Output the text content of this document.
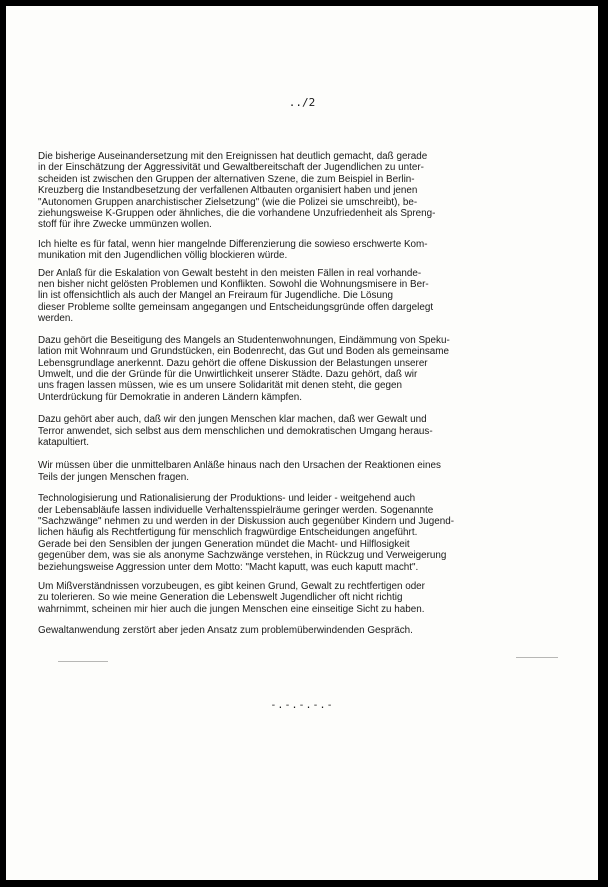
../2

Die bisherige Auseinandersetzung mit den Ereignissen hat deutlich gemacht, daß gerade
in der Einschätzung der Aggressivität und Gewaltbereitschaft der Jugendlichen zu unter-
scheiden ist zwischen den Gruppen der alternativen Szene, die zum Beispiel in Berlin-
Kreuzberg die Instandbesetzung der verfallenen Altbauten organisiert haben und jenen
"Autonomen Gruppen anarchistischer Zielsetzung" (wie die Polizei sie umschreibt), be-
ziehungsweise K-Gruppen oder ähnliches, die die vorhandene Unzufriedenheit als Spreng-
stoff für ihre Zwecke ummünzen wollen.

Ich hielte es für fatal, wenn hier mangelnde Differenzierung die sowieso erschwerte Kom-
munikation mit den Jugendlichen völlig blockieren würde.

Der Anlaß für die Eskalation von Gewalt besteht in den meisten Fällen in real vorhande-
nen bisher nicht gelösten Problemen und Konflikten. Sowohl die Wohnungsmisere in Ber-
lin ist offensichtlich als auch der Mangel an Freiraum für Jugendliche. Die Lösung
dieser Probleme sollte gemeinsam angegangen und Entscheidungsgründe offen dargelegt
werden.

Dazu gehört die Beseitigung des Mangels an Studentenwohnungen, Eindämmung von Speku-
lation mit Wohnraum und Grundstücken, ein Bodenrecht, das Gut und Boden als gemeinsame
Lebensgrundlage anerkennt. Dazu gehört die offene Diskussion der Belastungen unserer
Umwelt, und die der Gründe für die Unwirtlichkeit unserer Städte. Dazu gehört, daß wir
uns fragen lassen müssen, wie es um unsere Solidarität mit denen steht, die gegen
Unterdrückung für Demokratie in anderen Ländern kämpfen.

Dazu gehört aber auch, daß wir den jungen Menschen klar machen, daß wer Gewalt und
Terror anwendet, sich selbst aus dem menschlichen und demokratischen Umgang heraus-
katapultiert.

Wir müssen über die unmittelbaren Anläße hinaus nach den Ursachen der Reaktionen eines
Teils der jungen Menschen fragen.

Technologisierung und Rationalisierung der Produktions- und leider - weitgehend auch
der Lebensabläufe lassen individuelle Verhaltensspielräume geringer werden. Sogenannte
"Sachzwänge" nehmen zu und werden in der Diskussion auch gegenüber Kindern und Jugend-
lichen häufig als Rechtfertigung für menschlich fragwürdige Entscheidungen angeführt.
Gerade bei den Sensiblen der jungen Generation mündet die Macht- und Hilflosigkeit
gegenüber dem, was sie als anonyme Sachzwänge verstehen, in Rückzug und Verweigerung
beziehungsweise Aggression unter dem Motto: "Macht kaputt, was euch kaputt macht".

Um Mißverständnissen vorzubeugen, es gibt keinen Grund, Gewalt zu rechtfertigen oder
zu tolerieren. So wie meine Generation die Lebenswelt Jugendlicher oft nicht richtig
wahrnimmt, scheinen mir hier auch die jungen Menschen eine einseitige Sicht zu haben.

Gewaltanwendung zerstört aber jeden Ansatz zum problemüberwindenden Gespräch.

-.-.-.-.-
